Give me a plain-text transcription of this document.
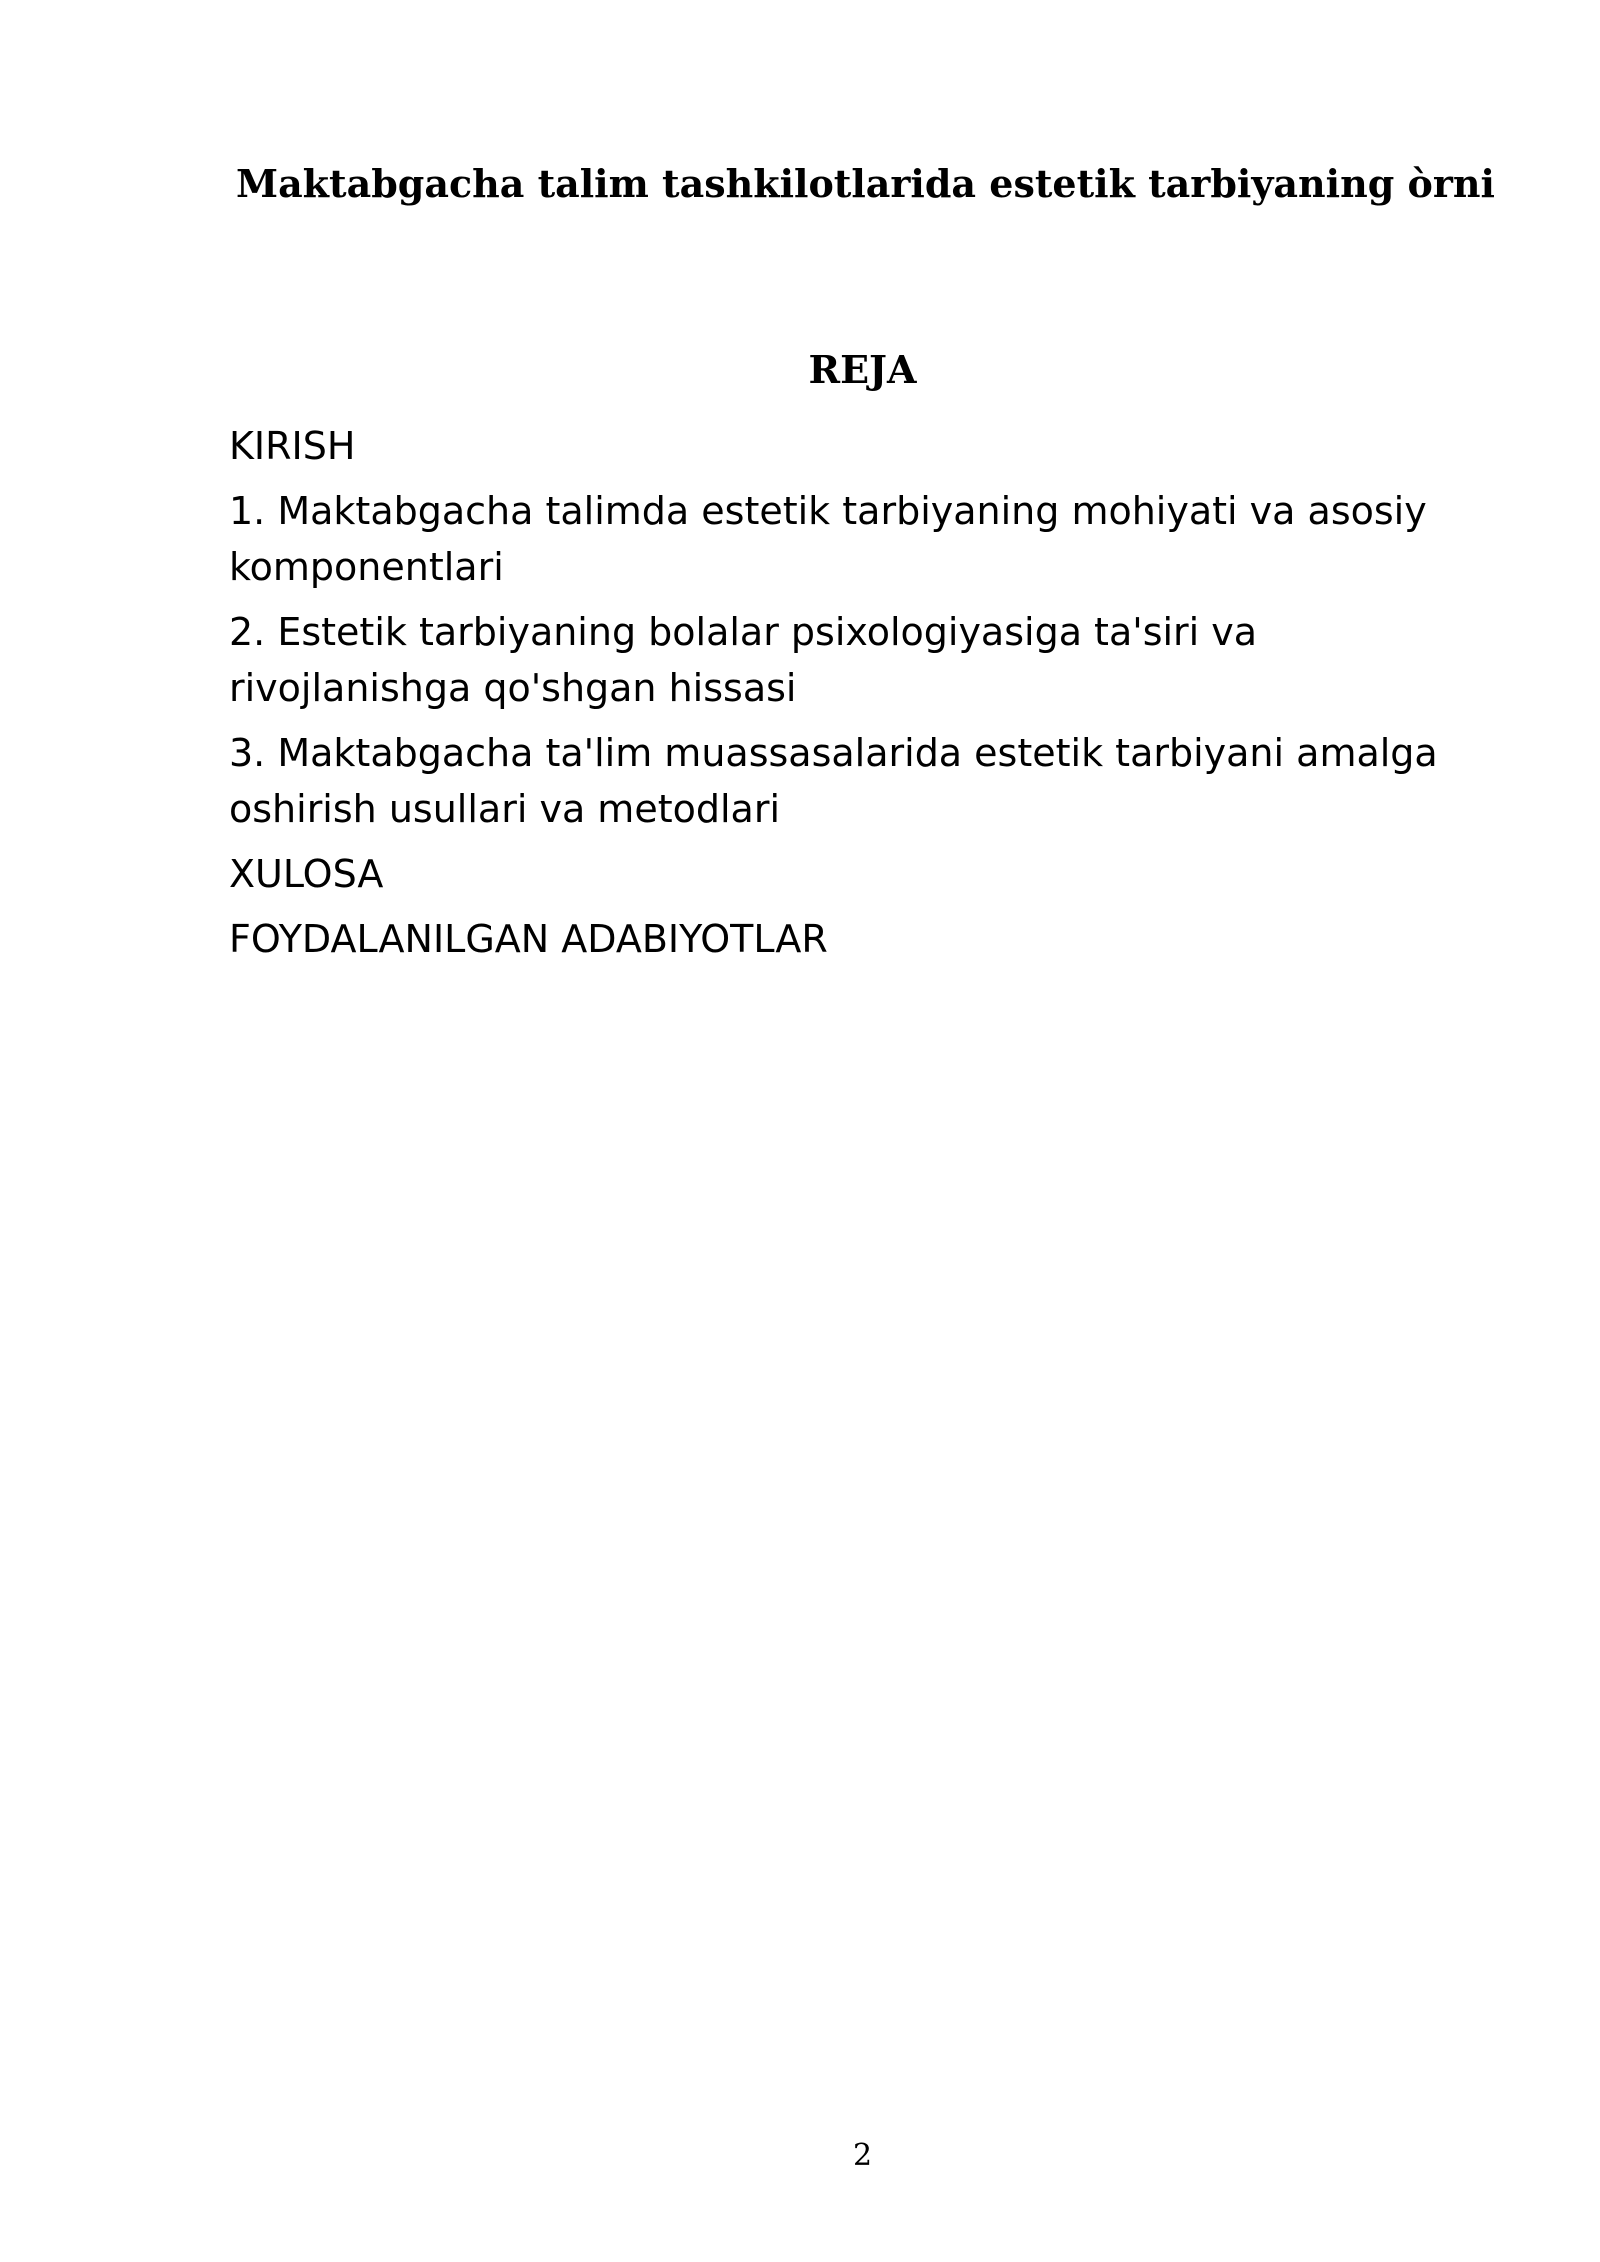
Maktabgacha talim tashkilotlarida estetik tarbiyaning òrni
REJA
KIRISH
1. Maktabgacha talimda estetik tarbiyaning mohiyati va asosiy komponentlari
2. Estetik tarbiyaning bolalar psixologiyasiga ta'siri va rivojlanishga qo'shgan hissasi
3. Maktabgacha ta'lim muassasalarida estetik tarbiyani amalga oshirish usullari va metodlari
XULOSA
FOYDALANILGAN ADABIYOTLAR
2
